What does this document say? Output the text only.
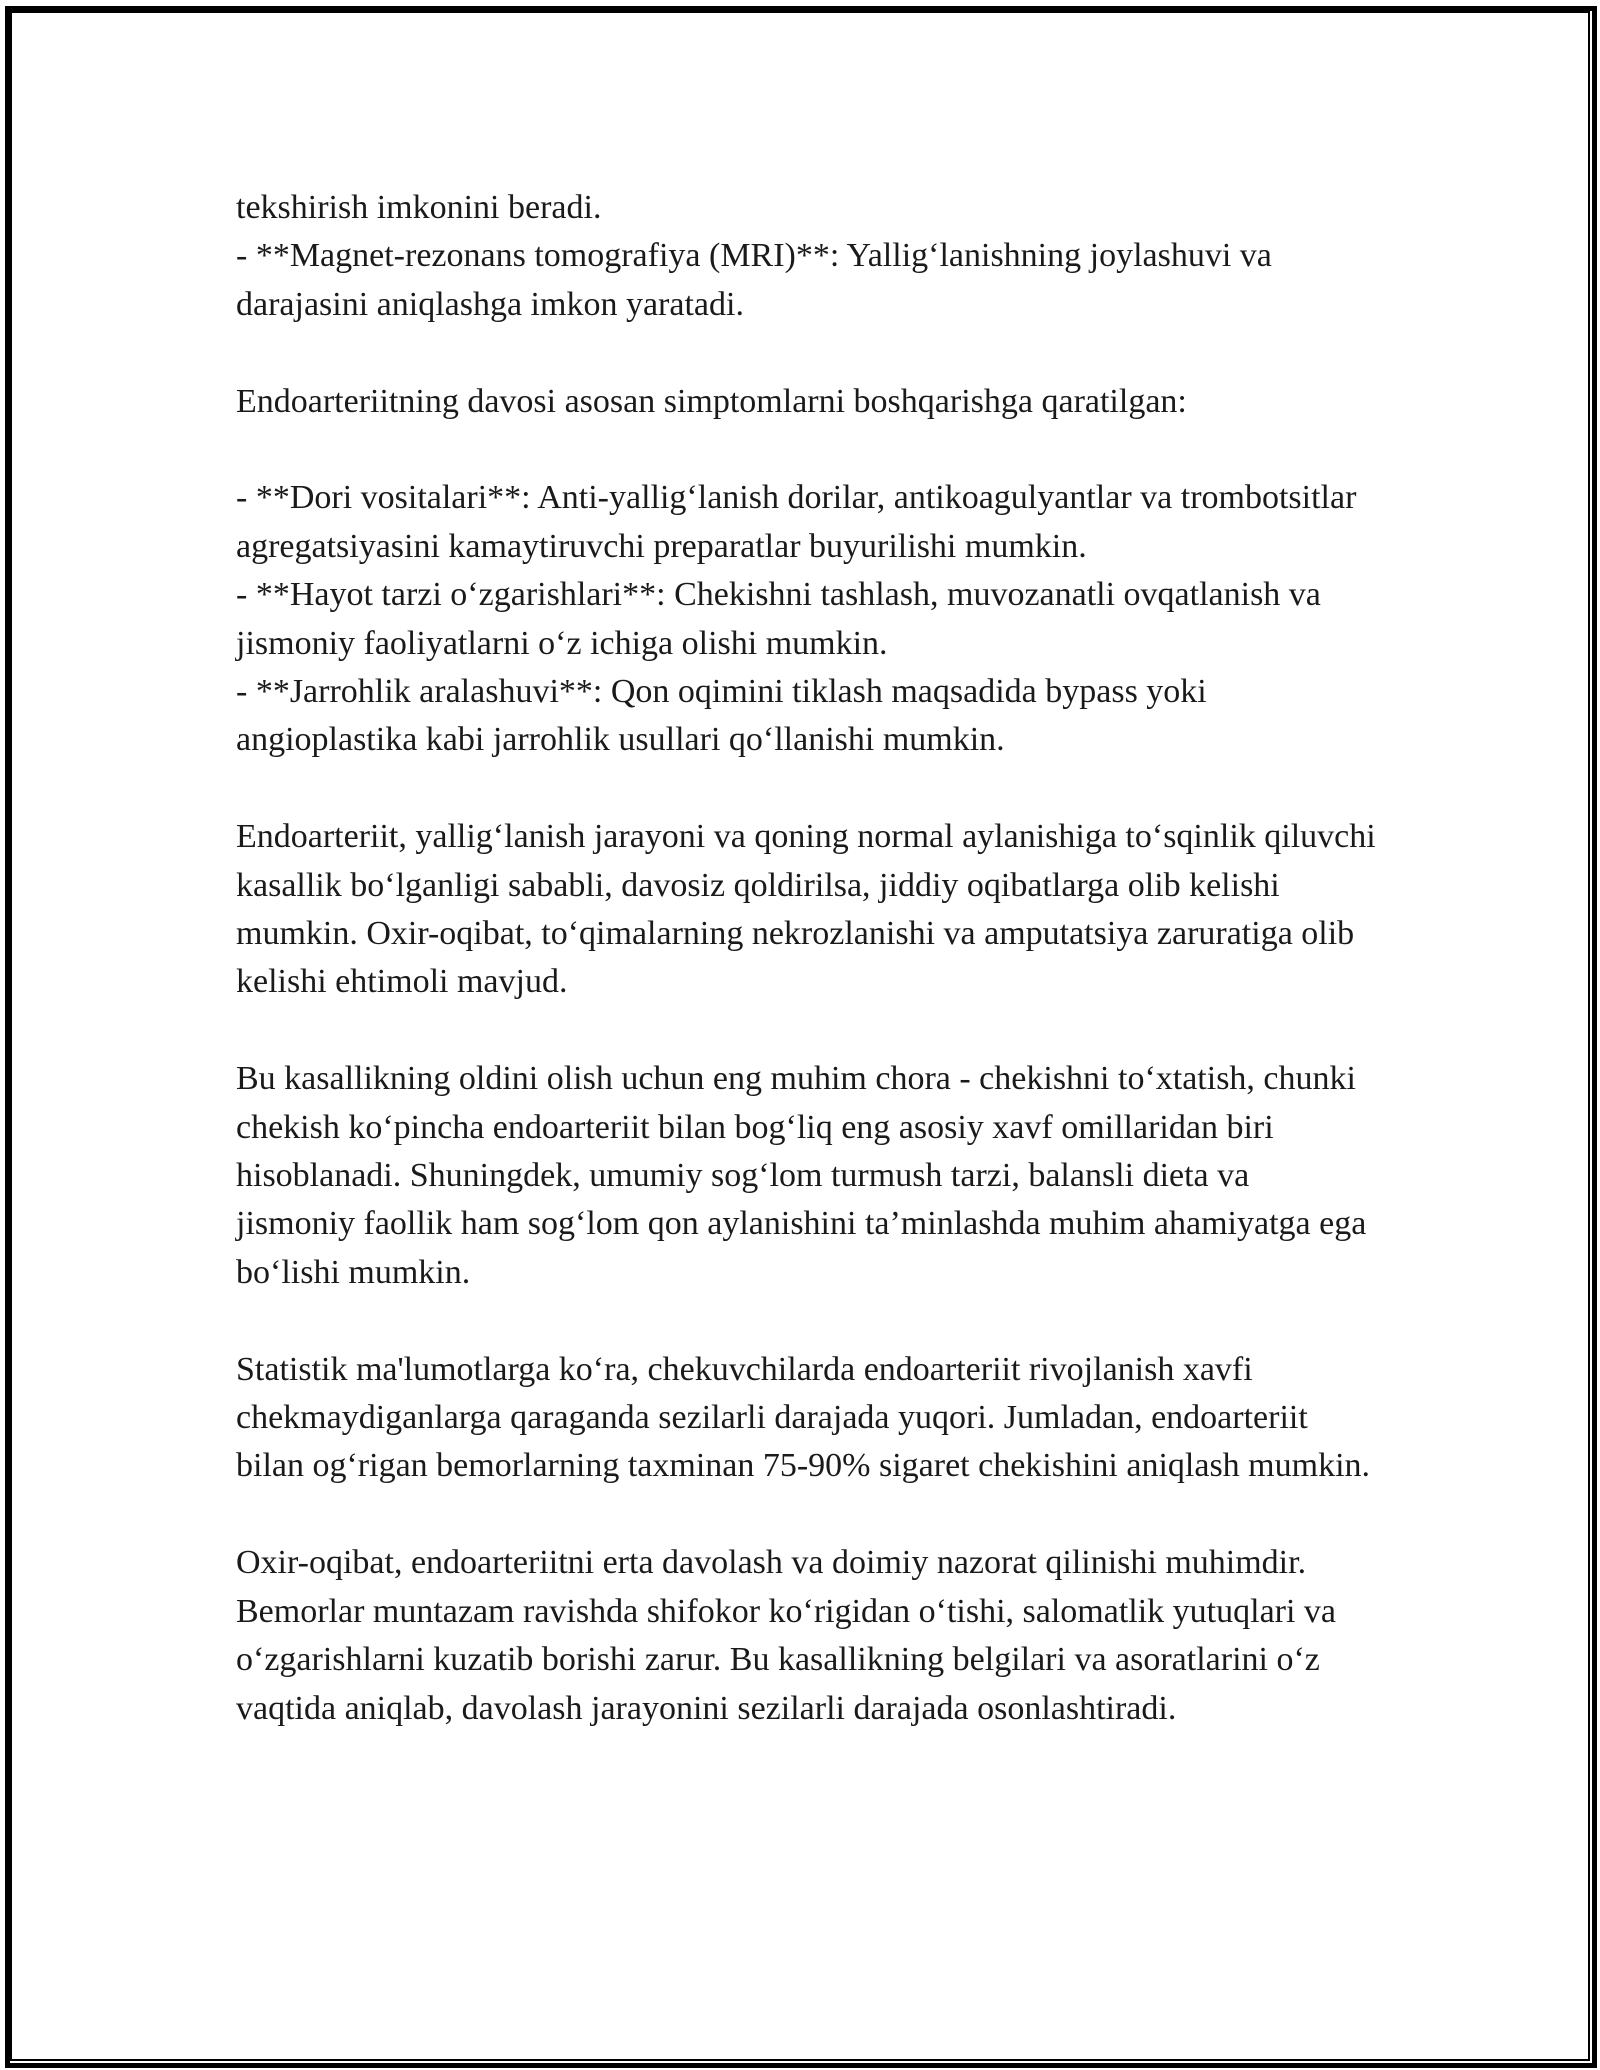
tekshirish imkonini beradi.
- **Magnet-rezonans tomografiya (MRI)**: Yallig‘lanishning joylashuvi va darajasini aniqlashga imkon yaratadi.

Endoarteriitning davosi asosan simptomlarni boshqarishga qaratilgan:

- **Dori vositalari**: Anti-yallig‘lanish dorilar, antikoagulyantlar va trombotsitlar agregatsiyasini kamaytiruvchi preparatlar buyurilishi mumkin.
- **Hayot tarzi o‘zgarishlari**: Chekishni tashlash, muvozanatli ovqatlanish va jismoniy faoliyatlarni o‘z ichiga olishi mumkin.
- **Jarrohlik aralashuvi**: Qon oqimini tiklash maqsadida bypass yoki angioplastika kabi jarrohlik usullari qo‘llanishi mumkin.

Endoarteriit, yallig‘lanish jarayoni va qoning normal aylanishiga to‘sqinlik qiluvchi kasallik bo‘lganligi sababli, davosiz qoldirilsa, jiddiy oqibatlarga olib kelishi mumkin. Oxir-oqibat, to‘qimalarning nekrozlanishi va amputatsiya zaruratiga olib kelishi ehtimoli mavjud.

Bu kasallikning oldini olish uchun eng muhim chora - chekishni to‘xtatish, chunki chekish ko‘pincha endoarteriit bilan bog‘liq eng asosiy xavf omillaridan biri hisoblanadi. Shuningdek, umumiy sog‘lom turmush tarzi, balansli dieta va jismoniy faollik ham sog‘lom qon aylanishini ta’minlashda muhim ahamiyatga ega bo‘lishi mumkin.

Statistik ma'lumotlarga ko‘ra, chekuvchilarda endoarteriit rivojlanish xavfi chekmaydiganlarga qaraganda sezilarli darajada yuqori. Jumladan, endoarteriit bilan og‘rigan bemorlarning taxminan 75-90% sigaret chekishini aniqlash mumkin.

Oxir-oqibat, endoarteriitni erta davolash va doimiy nazorat qilinishi muhimdir. Bemorlar muntazam ravishda shifokor ko‘rigidan o‘tishi, salomatlik yutuqlari va o‘zgarishlarni kuzatib borishi zarur. Bu kasallikning belgilari va asoratlarini o‘z vaqtida aniqlab, davolash jarayonini sezilarli darajada osonlashtiradi.
